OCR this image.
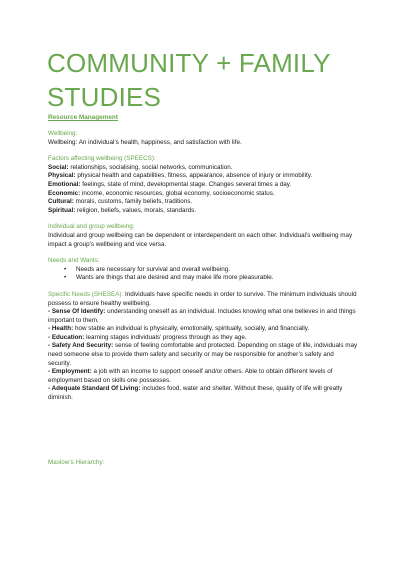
COMMUNITY + FAMILY STUDIES
Resource Management
Wellbeing:
Wellbeing: An individual’s health, happiness, and satisfaction with life.
Factors affecting wellbeing (SPEECS):
Social: relationships, socialising, social networks, communication.
Physical: physical health and capabilities, fitness, appearance, absence of injury or immobility.
Emotional: feelings, state of mind, developmental stage. Changes several times a day.
Economic: income, economic resources, global economy, socioeconomic status.
Cultural: morals, customs, family beliefs, traditions.
Spiritual: religion, beliefs, values, morals, standards.
Individual and group wellbeing:
Individual and group wellbeing can be dependent or interdependent on each other. Individual’s wellbeing may impact a group’s wellbeing and vice versa.
Needs and Wants:
• Needs are necessary for survival and overall wellbeing.
• Wants are things that are desired and may make life more pleasurable.
Specific Needs (SHESEA): Individuals have specific needs in order to survive. The minimum individuals should possess to ensure healthy wellbeing.
- Sense Of Identify: understanding oneself as an individual. Includes knowing what one believes in and things important to them.
- Health: how stable an individual is physically, emotionally, spiritually, socially, and financially.
- Education: learning stages individuals’ progress through as they age.
- Safety And Security: sense of feeling comfortable and protected. Depending on stage of life, individuals may need someone else to provide them safety and security or may be responsible for another’s safety and security.
- Employment: a job with an income to support oneself and/or others. Able to obtain different levels of employment based on skills one possesses.
- Adequate Standard Of Living: includes food, water and shelter. Without these, quality of life will greatly diminish.
Maslow’s Hierarchy:
